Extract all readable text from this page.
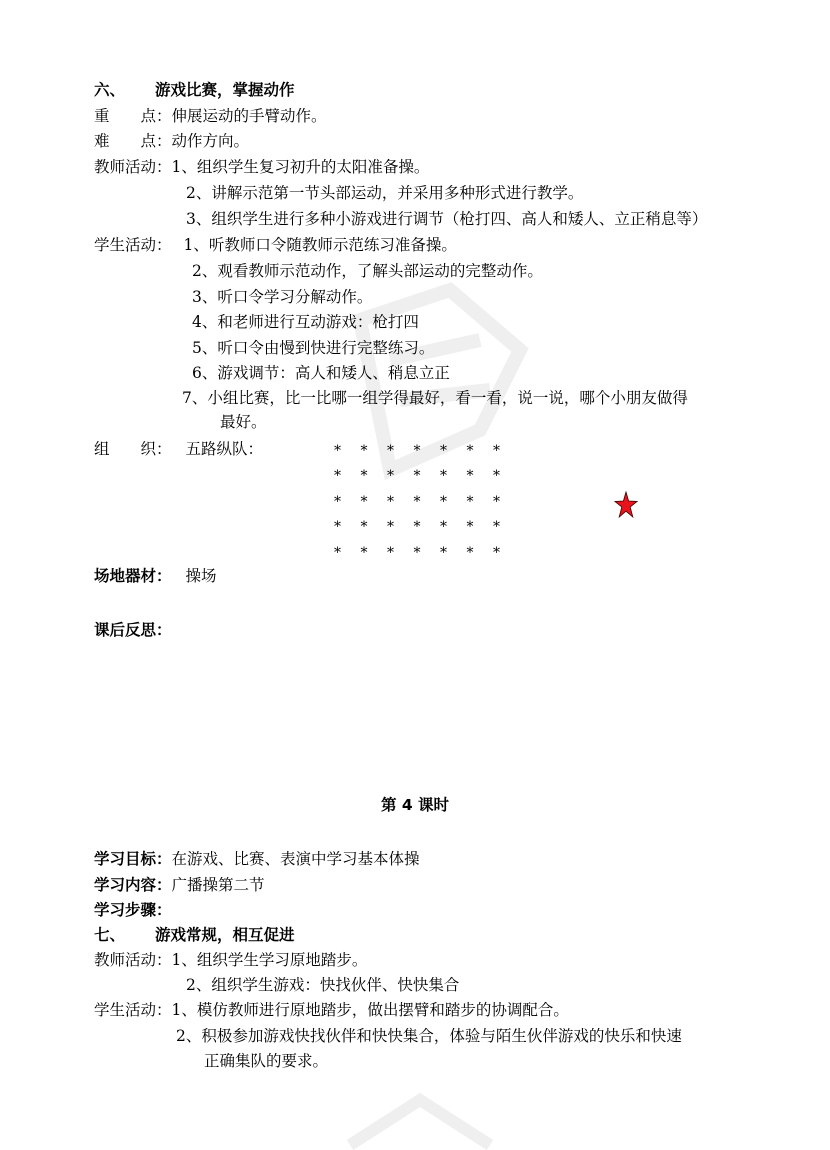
六、 游戏比赛，掌握动作
重　　点：伸展运动的手臂动作。
难　　点：动作方向。
教师活动：1、组织学生复习初升的太阳准备操。
2、讲解示范第一节头部运动，并采用多种形式进行教学。
3、组织学生进行多种小游戏进行调节（枪打四、高人和矮人、立正稍息等）
学生活动： 1、听教师口令随教师示范练习准备操。
2、观看教师示范动作，了解头部运动的完整动作。
3、听口令学习分解动作。
4、和老师进行互动游戏：枪打四
5、听口令由慢到快进行完整练习。
6、游戏调节：高人和矮人、稍息立正
7、小组比赛，比一比哪一组学得最好，看一看，说一说，哪个小朋友做得
最好。
组　　织： 五路纵队：	*	*	*	*	*	*	*
*	*	*	*	*	*	*
*	*	*	*	*	*	*
*	*	*	*	*	*	*
*	*	*	*	*	*	*
场地器材： 操场
课后反思：
第 4 课时
学习目标：在游戏、比赛、表演中学习基本体操
学习内容：广播操第二节
学习步骤：
七、 游戏常规，相互促进
教师活动：1、组织学生学习原地踏步。
2、组织学生游戏：快找伙伴、快快集合
学生活动：1、模仿教师进行原地踏步，做出摆臂和踏步的协调配合。
2、积极参加游戏快找伙伴和快快集合，体验与陌生伙伴游戏的快乐和快速
正确集队的要求。
